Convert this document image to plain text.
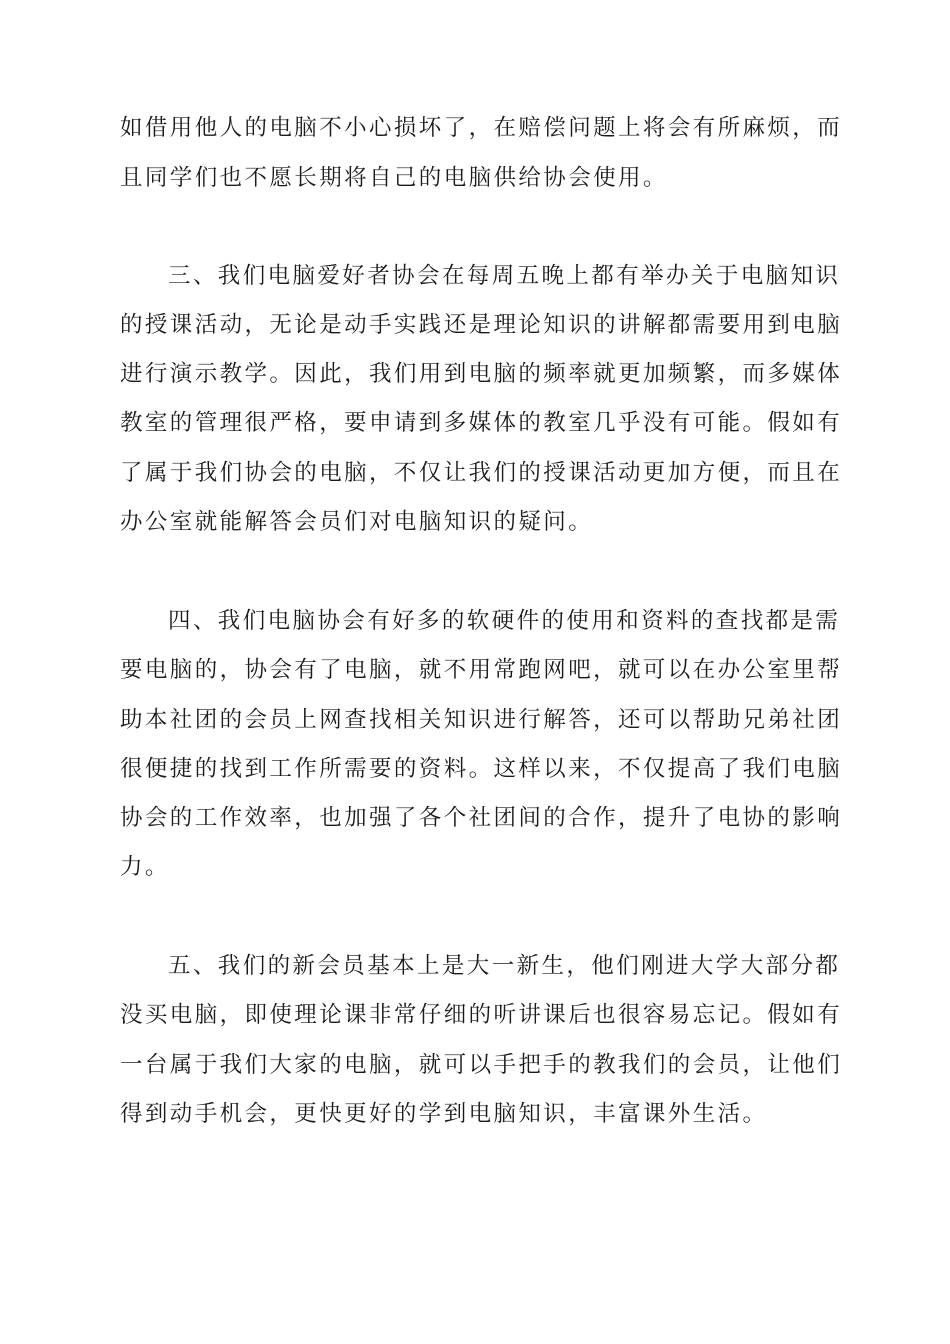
如借用他人的电脑不小心损坏了，在赔偿问题上将会有所麻烦，而
且同学们也不愿长期将自己的电脑供给协会使用。
三、我们电脑爱好者协会在每周五晚上都有举办关于电脑知识
的授课活动，无论是动手实践还是理论知识的讲解都需要用到电脑
进行演示教学。因此，我们用到电脑的频率就更加频繁，而多媒体
教室的管理很严格，要申请到多媒体的教室几乎没有可能。假如有
了属于我们协会的电脑，不仅让我们的授课活动更加方便，而且在
办公室就能解答会员们对电脑知识的疑问。
四、我们电脑协会有好多的软硬件的使用和资料的查找都是需
要电脑的，协会有了电脑，就不用常跑网吧，就可以在办公室里帮
助本社团的会员上网查找相关知识进行解答，还可以帮助兄弟社团
很便捷的找到工作所需要的资料。这样以来，不仅提高了我们电脑
协会的工作效率，也加强了各个社团间的合作，提升了电协的影响
力。
五、我们的新会员基本上是大一新生，他们刚进大学大部分都
没买电脑，即使理论课非常仔细的听讲课后也很容易忘记。假如有
一台属于我们大家的电脑，就可以手把手的教我们的会员，让他们
得到动手机会，更快更好的学到电脑知识，丰富课外生活。
